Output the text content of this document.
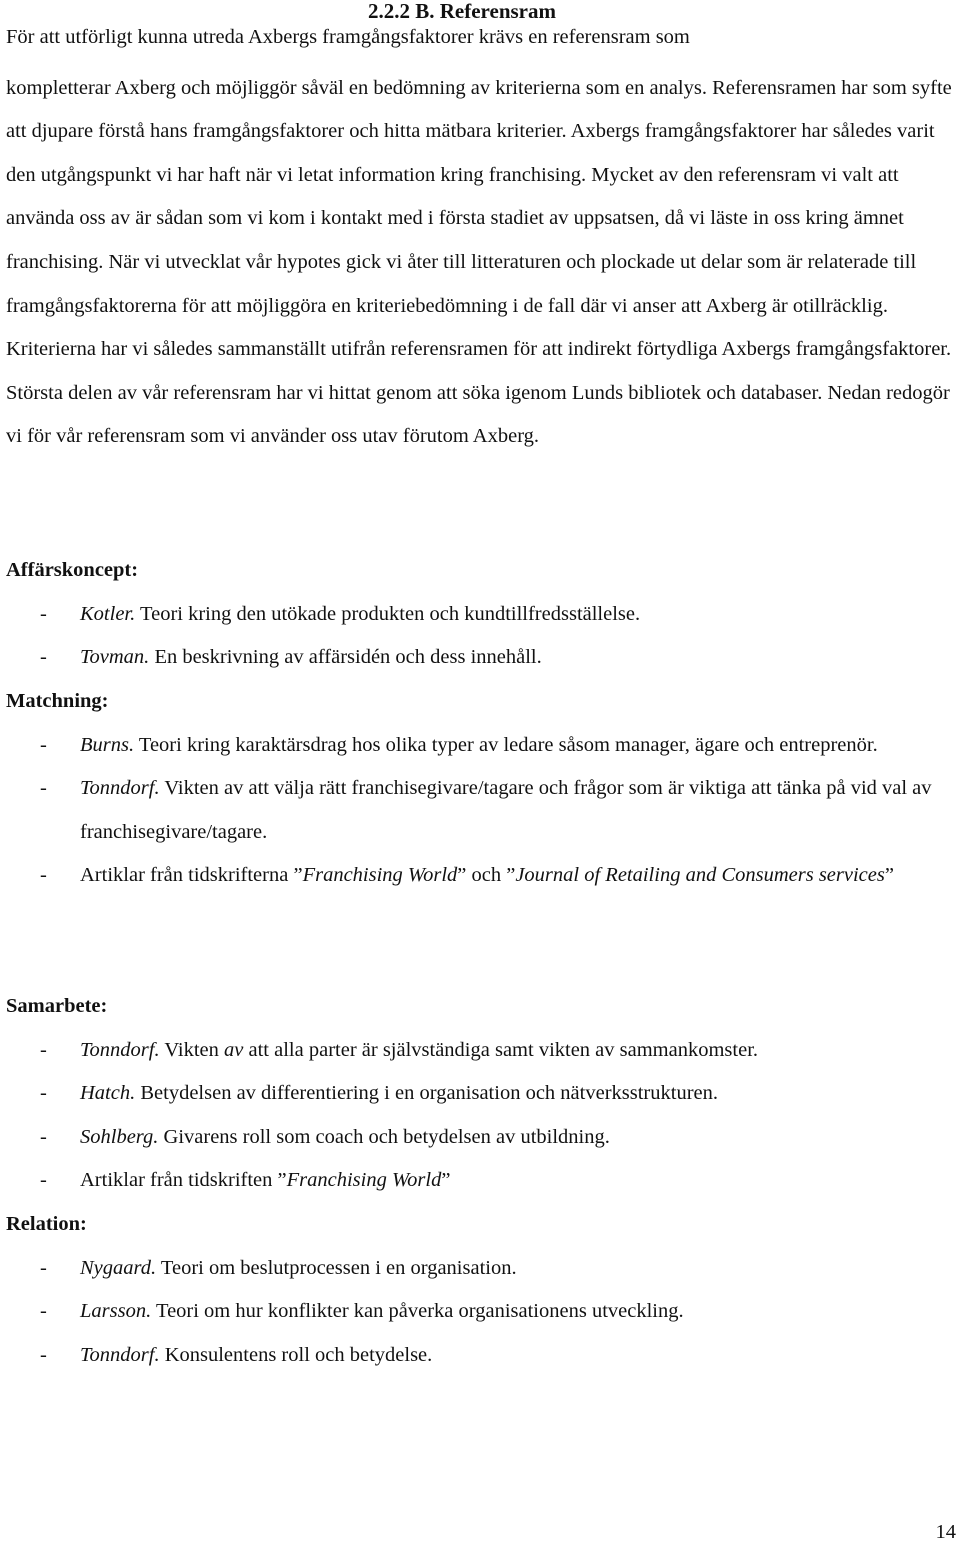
2.2.2 B. Referensram

För att utförligt kunna utreda Axbergs framgångsfaktorer krävs en referensram som
kompletterar Axberg och möjliggör såväl en bedömning av kriterierna som en analys. Referensramen har som syfte att djupare förstå hans framgångsfaktorer och hitta mätbara kriterier. Axbergs framgångsfaktorer har således varit den utgångspunkt vi har haft när vi letat information kring franchising. Mycket av den referensram vi valt att använda oss av är sådan som vi kom i kontakt med i första stadiet av uppsatsen, då vi läste in oss kring ämnet franchising. När vi utvecklat vår hypotes gick vi åter till litteraturen och plockade ut delar som är relaterade till framgångsfaktorerna för att möjliggöra en kriteriebedömning i de fall där vi anser att Axberg är otillräcklig. Kriterierna har vi således sammanställt utifrån referensramen för att indirekt förtydliga Axbergs framgångsfaktorer. Största delen av vår referensram har vi hittat genom att söka igenom Lunds bibliotek och databaser. Nedan redogör vi för vår referensram som vi använder oss utav förutom Axberg.

Affärskoncept:

- Kotler. Teori kring den utökade produkten och kundtillfredsställelse.

- Tovman. En beskrivning av affärsidén och dess innehåll.

Matchning:

- Burns. Teori kring karaktärsdrag hos olika typer av ledare såsom manager, ägare och entreprenör.

- Tonndorf. Vikten av att välja rätt franchisegivare/tagare och frågor som är viktiga att tänka på vid val av franchisegivare/tagare.

- Artiklar från tidskrifterna ”Franchising World” och ”Journal of Retailing and Consumers services”

Samarbete:

- Tonndorf. Vikten av att alla parter är självständiga samt vikten av sammankomster.

- Hatch. Betydelsen av differentiering i en organisation och nätverksstrukturen.

- Sohlberg. Givarens roll som coach och betydelsen av utbildning.

- Artiklar från tidskriften ”Franchising World”

Relation:

- Nygaard. Teori om beslutprocessen i en organisation.

- Larsson. Teori om hur konflikter kan påverka organisationens utveckling.

- Tonndorf. Konsulentens roll och betydelse.

14
